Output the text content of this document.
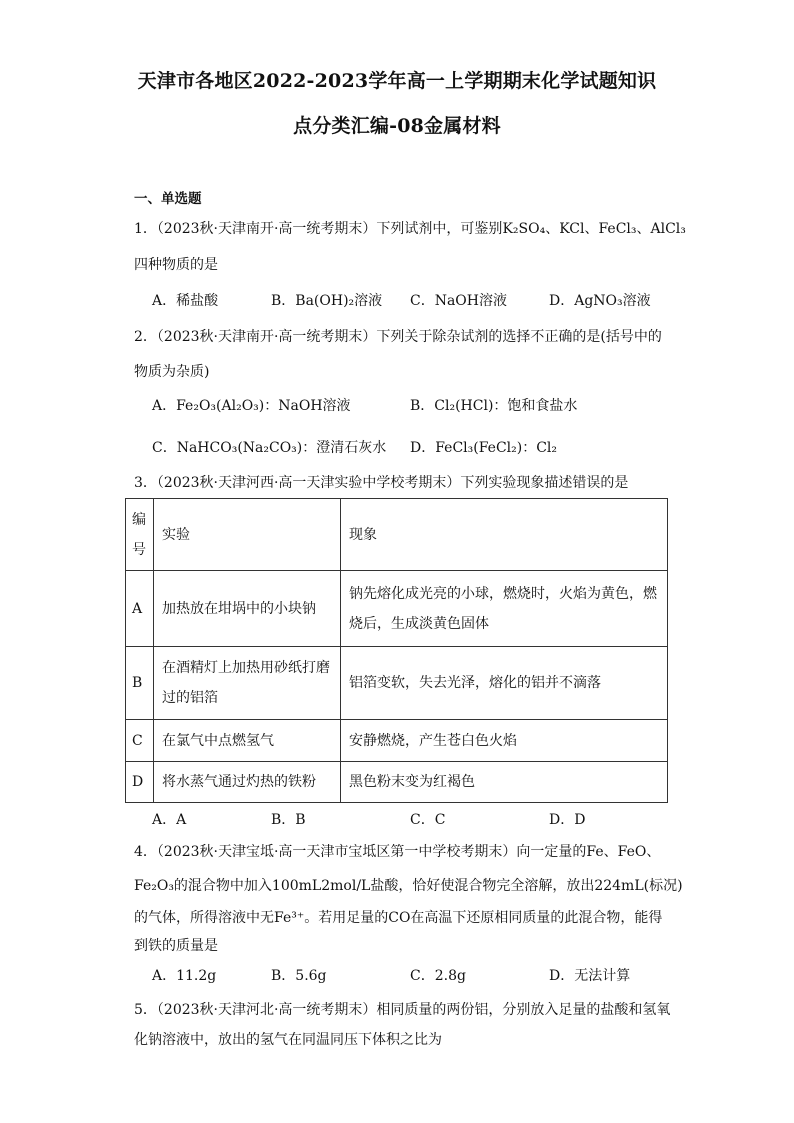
天津市各地区2022-2023学年高一上学期期末化学试题知识
点分类汇编-08金属材料
一、单选题
1．（2023秋·天津南开·高一统考期末）下列试剂中，可鉴别K₂SO₄、KCl、FeCl₃、AlCl₃
四种物质的是
A．稀盐酸	B．Ba(OH)₂溶液 C．NaOH溶液	D．AgNO₃溶液
2．（2023秋·天津南开·高一统考期末）下列关于除杂试剂的选择不正确的是(括号中的
物质为杂质)
A．Fe₂O₃(Al₂O₃)：NaOH溶液	B．Cl₂(HCl)：饱和食盐水
C．NaHCO₃(Na₂CO₃)：澄清石灰水 D．FeCl₃(FeCl₂)：Cl₂
3．（2023秋·天津河西·高一天津实验中学校考期末）下列实验现象描述错误的是
编号	实验	现象
A	加热放在坩埚中的小块钠	钠先熔化成光亮的小球，燃烧时，火焰为黄色，燃烧后，生成淡黄色固体
B	在酒精灯上加热用砂纸打磨过的铝箔	铝箔变软，失去光泽，熔化的铝并不滴落
C	在氯气中点燃氢气	安静燃烧，产生苍白色火焰
D	将水蒸气通过灼热的铁粉	黑色粉末变为红褐色
A．A	B．B	C．C	D．D
4．（2023秋·天津宝坻·高一天津市宝坻区第一中学校考期末）向一定量的Fe、FeO、
Fe₂O₃的混合物中加入100mL2mol/L盐酸，恰好使混合物完全溶解，放出224mL(标况)
的气体，所得溶液中无Fe³⁺。若用足量的CO在高温下还原相同质量的此混合物，能得
到铁的质量是
A．11.2g	B．5.6g	C．2.8g	D．无法计算
5．（2023秋·天津河北·高一统考期末）相同质量的两份铝，分别放入足量的盐酸和氢氧
化钠溶液中，放出的氢气在同温同压下体积之比为
